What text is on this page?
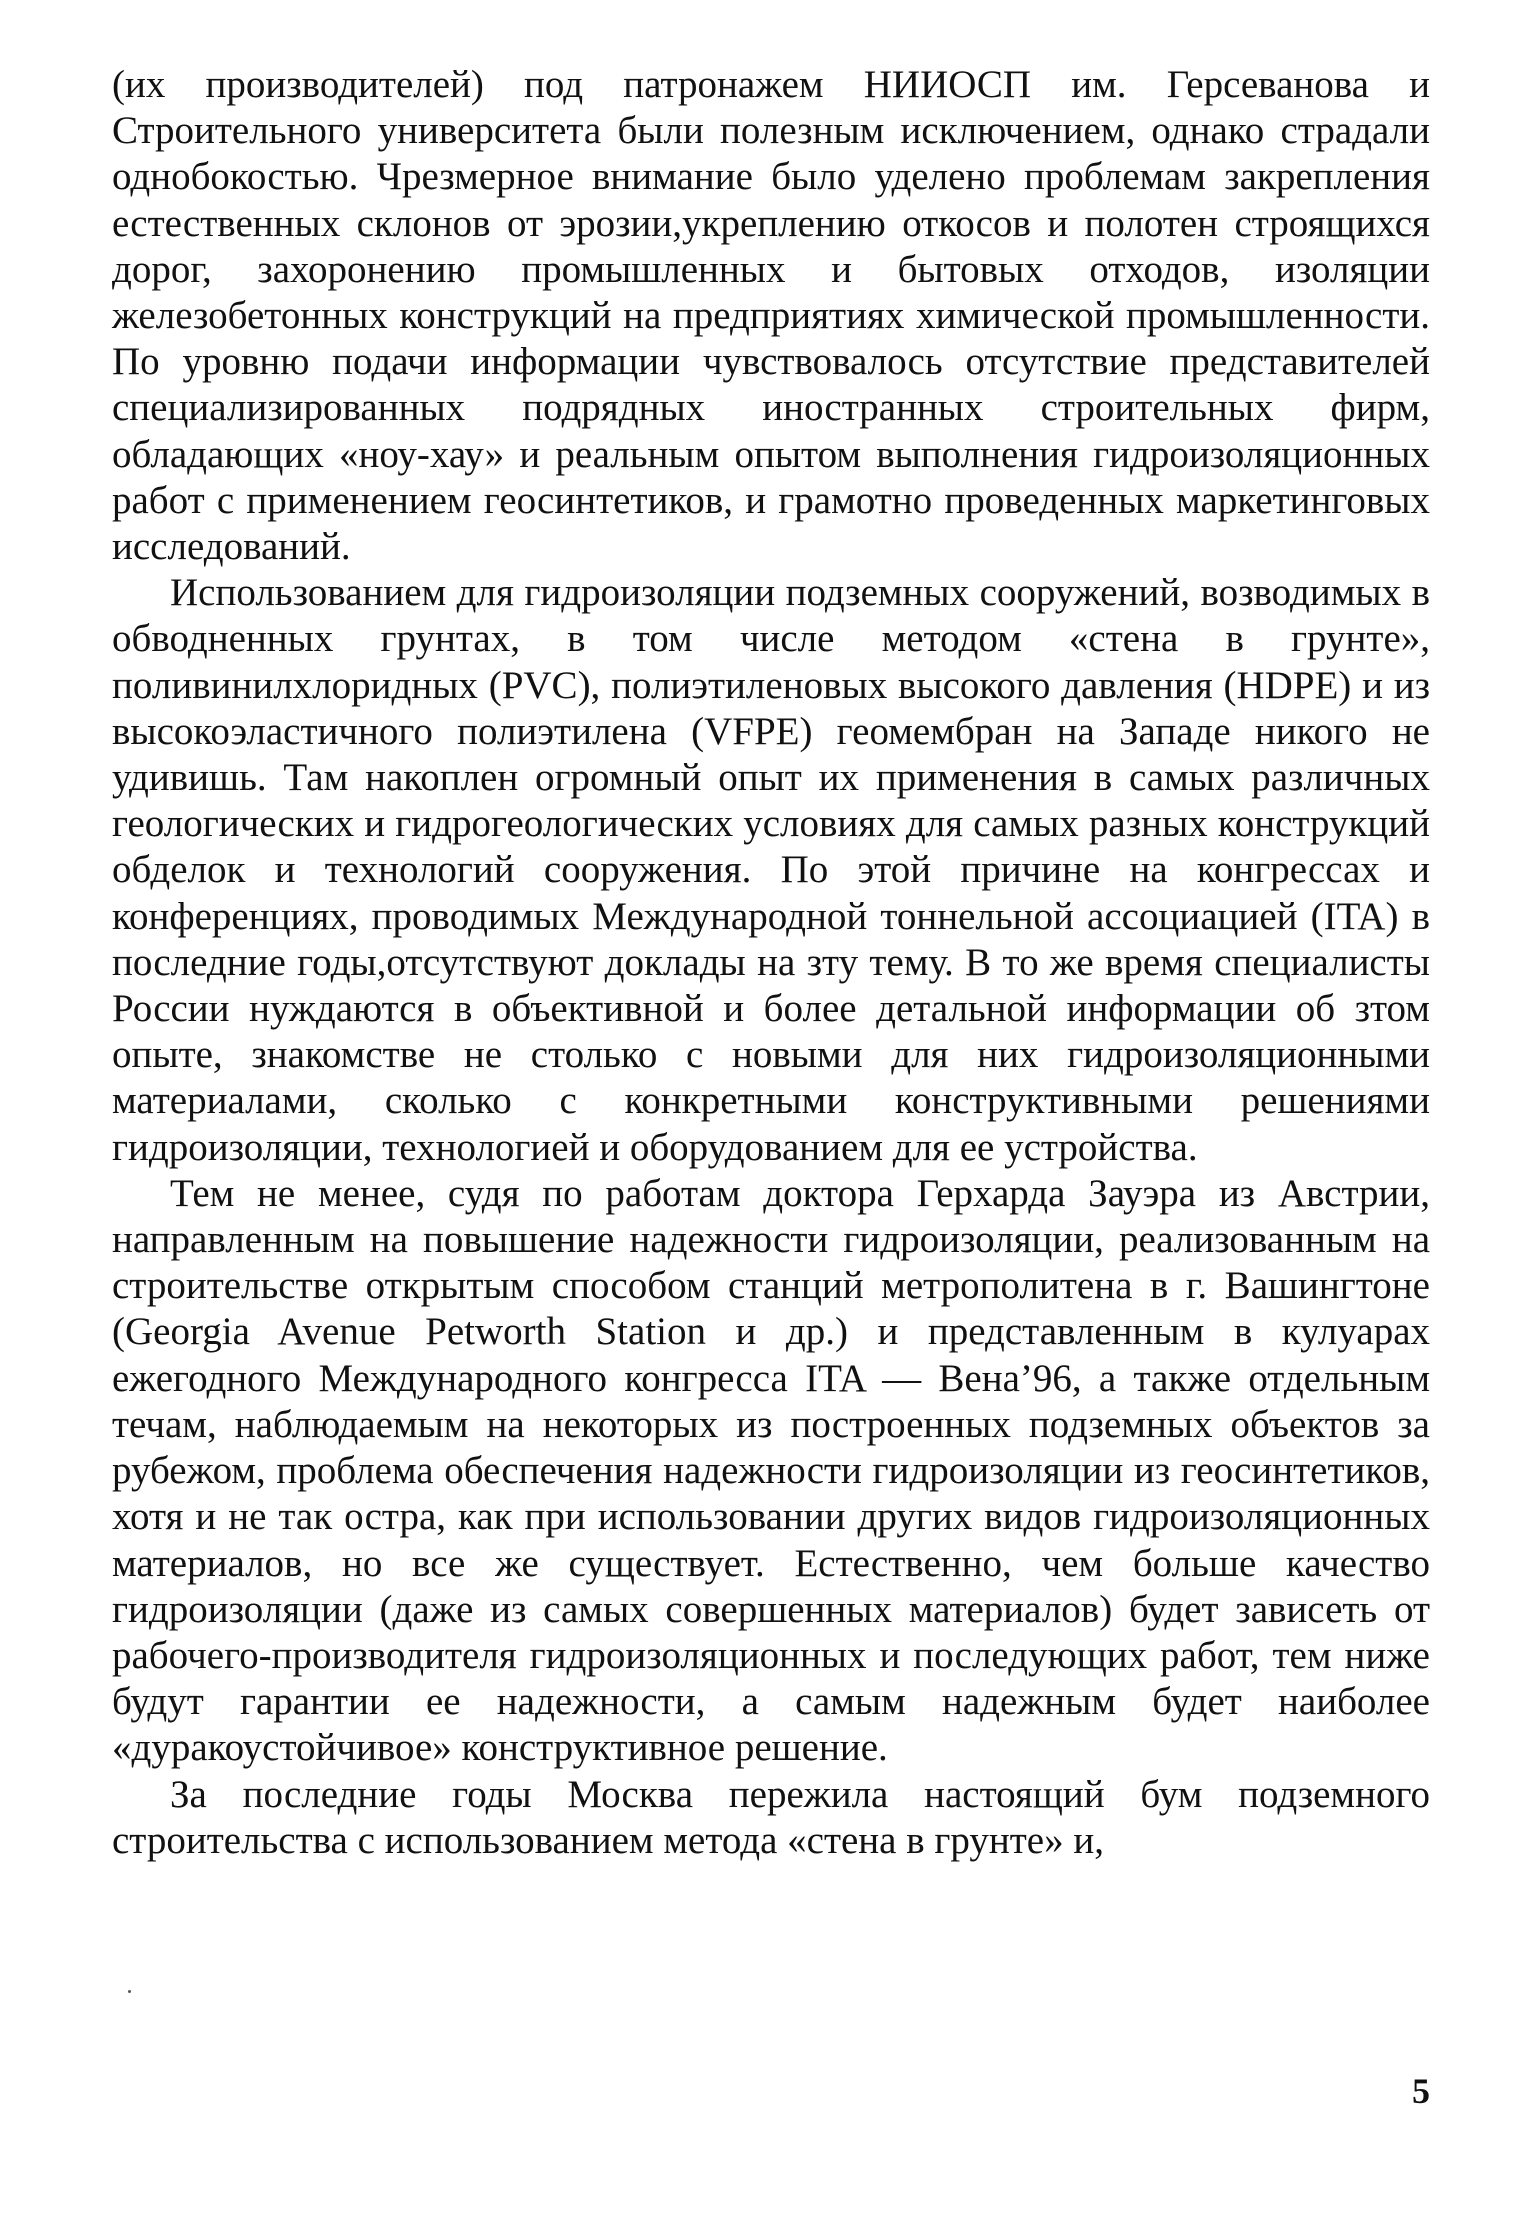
(их производителей) под патронажем НИИОСП им. Герсеванова и Строительного университета были полезным исключением, однако страдали однобокостью. Чрезмерное внимание было уделено проблемам закрепления естественных склонов от эрозии,укреплению откосов и полотен строящихся дорог, захоронению промышленных и бытовых отходов, изоляции железобетонных конструкций на предприятиях химической промышленности. По уровню подачи информации чувствовалось отсутствие представителей специализированных подрядных иностранных строительных фирм, обладающих «ноу-хау» и реальным опытом выполнения гидроизоляционных работ с применением геосинтетиков, и грамотно проведенных маркетинговых исследований.

Использованием для гидроизоляции подземных сооружений, возводимых в обводненных грунтах, в том числе методом «стена в грунте», поливинилхлоридных (PVC), полиэтиленовых высокого давления (HDPE) и из высокоэластичного полиэтилена (VFPE) геомембран на Западе никого не удивишь. Там накоплен огромный опыт их применения в самых различных геологических и гидрогеологических условиях для самых разных конструкций обделок и технологий сооружения. По этой причине на конгрессах и конференциях, проводимых Международной тоннельной ассоциацией (ITA) в последние годы,отсутствуют доклады на зту тему. В то же время специалисты России нуждаются в объективной и более детальной информации об зтом опыте, знакомстве не столько с новыми для них гидроизоляционными материалами, сколько с конкретными конструктивными решениями гидроизоляции, технологией и оборудованием для ее устройства.

Тем не менее, судя по работам доктора Герхарда Зауэра из Австрии, направленным на повышение надежности гидроизоляции, реализованным на строительстве открытым способом станций метрополитена в г. Вашингтоне (Georgia Avenue Petworth Station и др.) и представленным в кулуарах ежегодного Международного конгресса ITA — Вена’96, а также отдельным течам, наблюдаемым на некоторых из построенных подземных объектов за рубежом, проблема обеспечения надежности гидроизоляции из геосинтетиков, хотя и не так остра, как при использовании других видов гидроизоляционных материалов, но все же существует. Естественно, чем больше качество гидроизоляции (даже из самых совершенных материалов) будет зависеть от рабочего-производителя гидроизоляционных и последующих работ, тем ниже будут гарантии ее надежности, а самым надежным будет наиболее «дуракоустойчивое» конструктивное решение.

За последние годы Москва пережила настоящий бум подземного строительства с использованием метода «стена в грунте» и,

5
